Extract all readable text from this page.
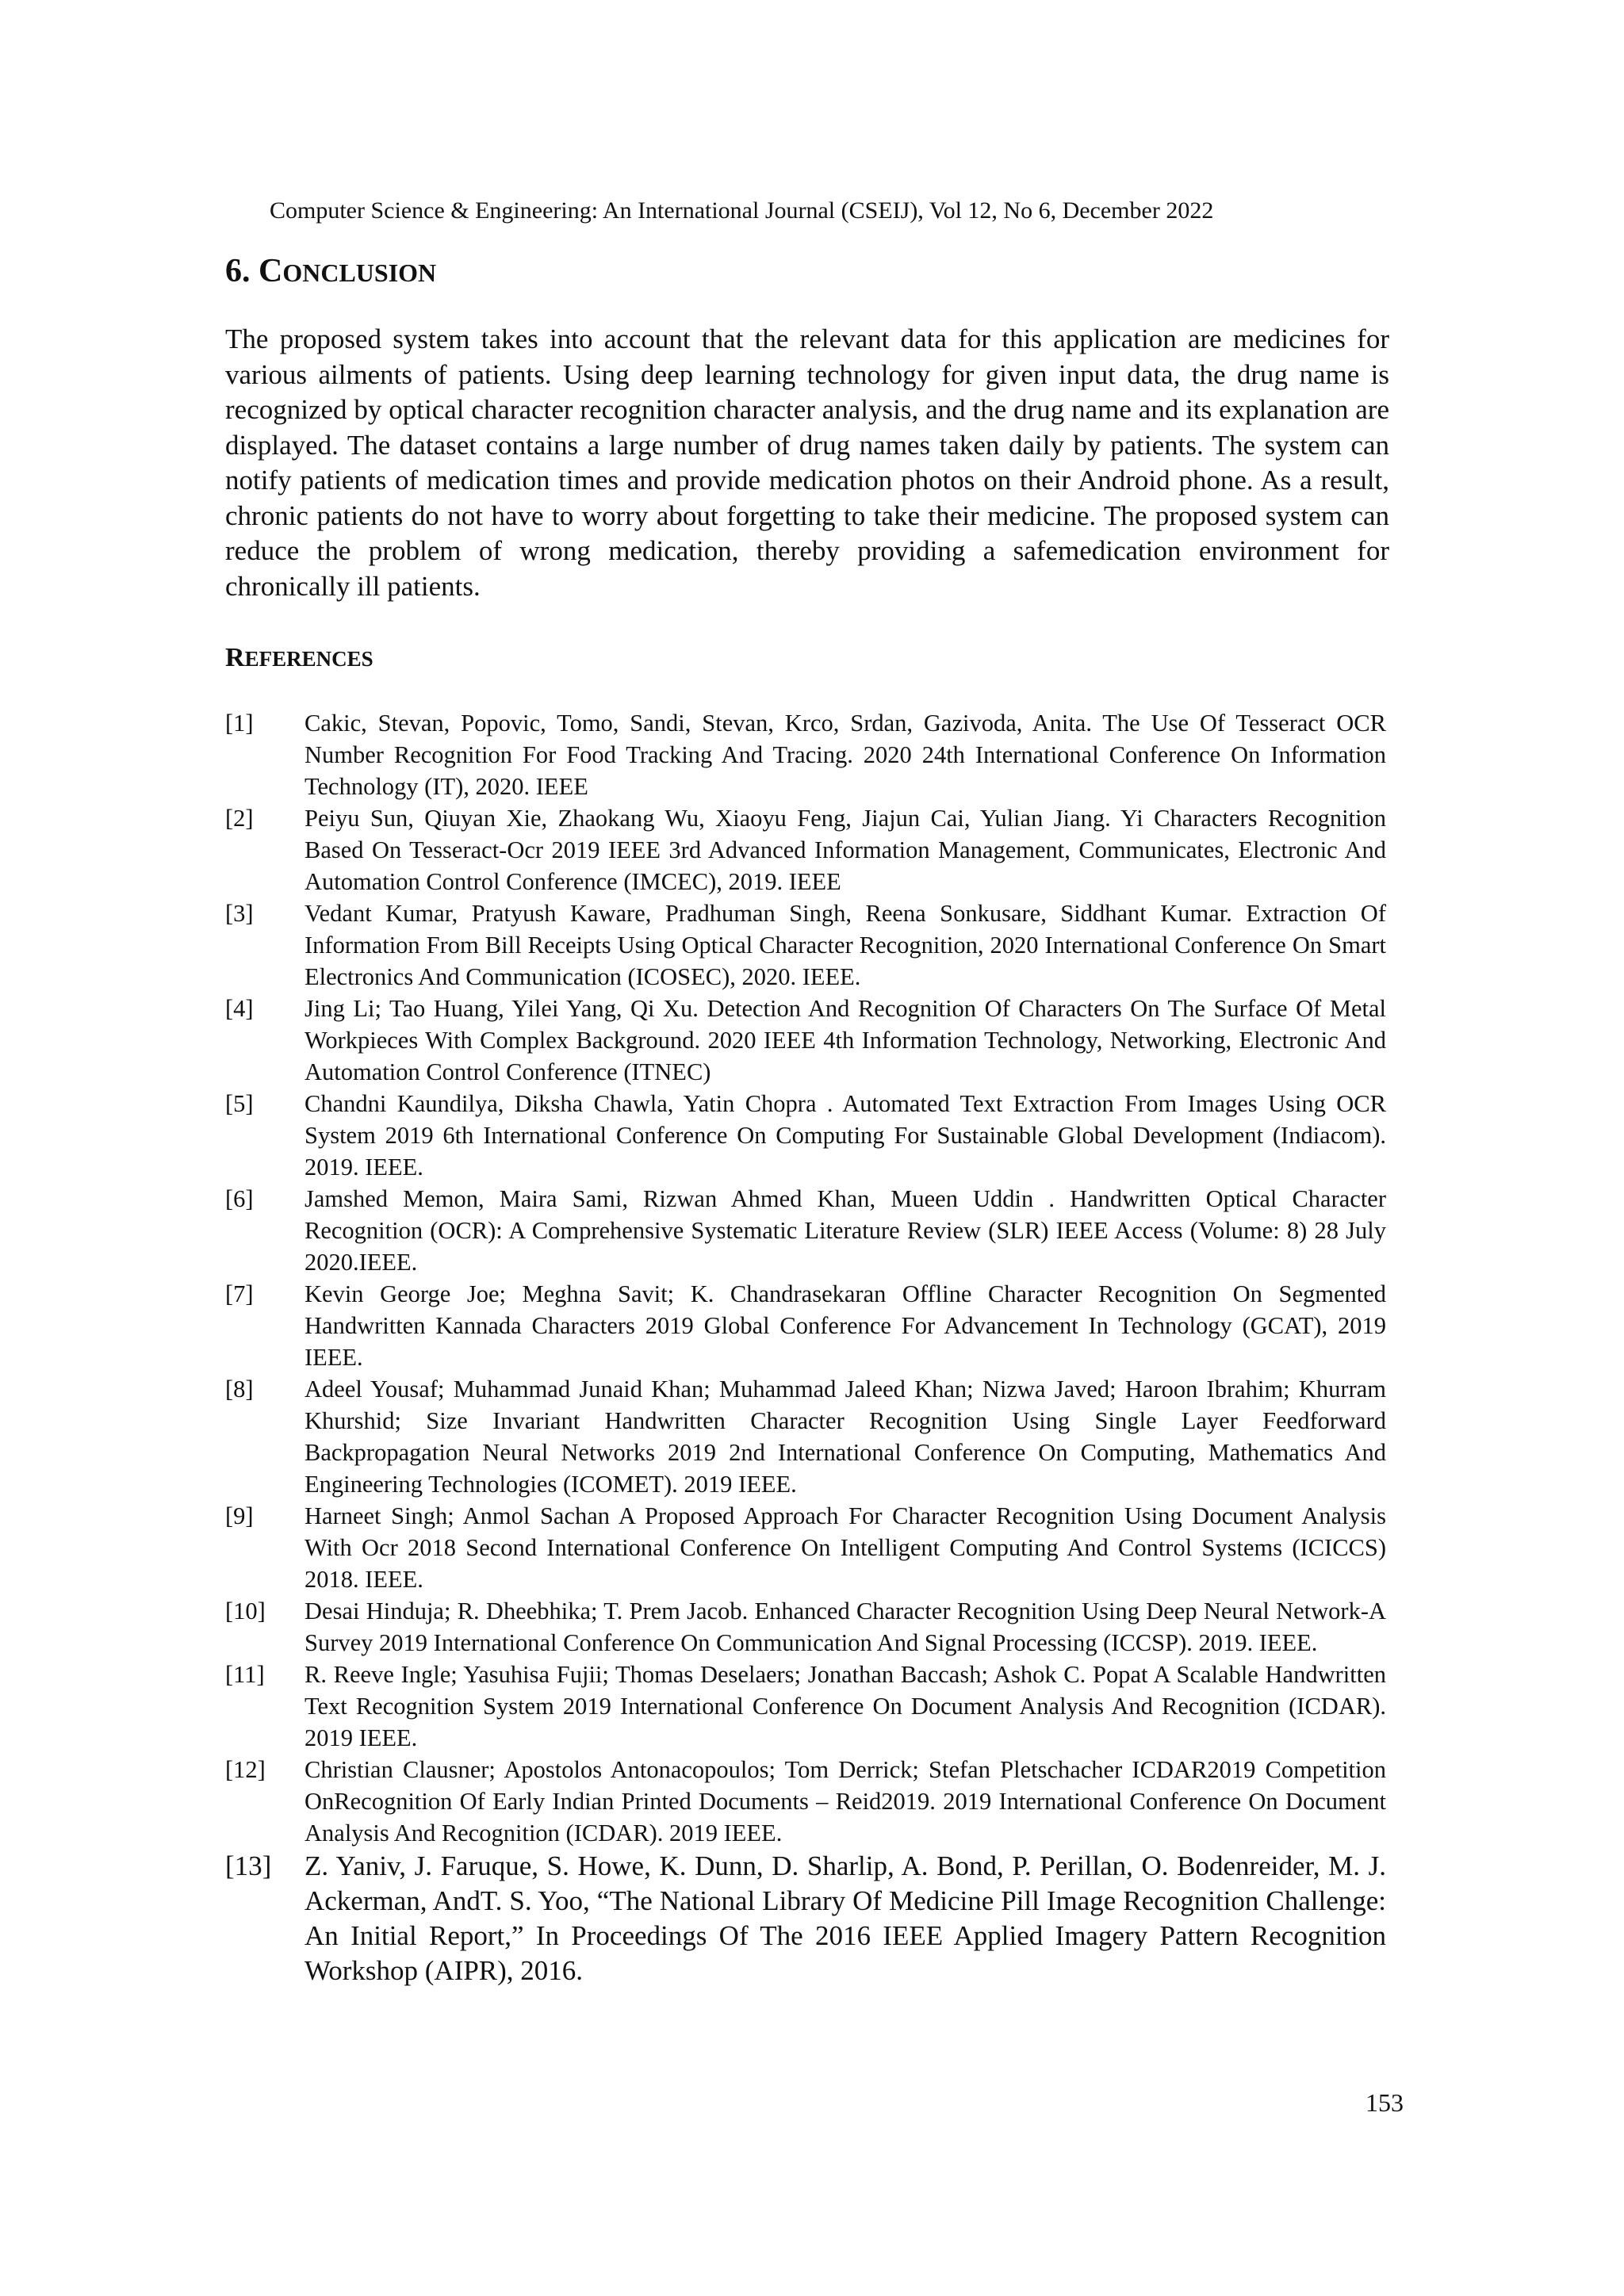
Computer Science & Engineering: An International Journal (CSEIJ), Vol 12, No 6, December 2022
6. CONCLUSION

The proposed system takes into account that the relevant data for this application are medicines for various ailments of patients. Using deep learning technology for given input data, the drug name is recognized by optical character recognition character analysis, and the drug name and its explanation are displayed. The dataset contains a large number of drug names taken daily by patients. The system can notify patients of medication times and provide medication photos on their Android phone. As a result, chronic patients do not have to worry about forgetting to take their medicine. The proposed system can reduce the problem of wrong medication, thereby providing a safemedication environment for chronically ill patients.

REFERENCES
[1] Cakic, Stevan, Popovic, Tomo, Sandi, Stevan, Krco, Srdan, Gazivoda, Anita. The Use Of Tesseract OCR Number Recognition For Food Tracking And Tracing. 2020 24th International Conference On Information Technology (IT), 2020. IEEE
[2] Peiyu Sun, Qiuyan Xie, Zhaokang Wu, Xiaoyu Feng, Jiajun Cai, Yulian Jiang. Yi Characters Recognition Based On Tesseract-Ocr 2019 IEEE 3rd Advanced Information Management, Communicates, Electronic And Automation Control Conference (IMCEC), 2019. IEEE
[3] Vedant Kumar, Pratyush Kaware, Pradhuman Singh, Reena Sonkusare, Siddhant Kumar. Extraction Of Information From Bill Receipts Using Optical Character Recognition, 2020 International Conference On Smart Electronics And Communication (ICOSEC), 2020. IEEE.
[4] Jing Li; Tao Huang, Yilei Yang, Qi Xu. Detection And Recognition Of Characters On The Surface Of Metal Workpieces With Complex Background. 2020 IEEE 4th Information Technology, Networking, Electronic And Automation Control Conference (ITNEC)
[5] Chandni Kaundilya, Diksha Chawla, Yatin Chopra . Automated Text Extraction From Images Using OCR System 2019 6th International Conference On Computing For Sustainable Global Development (Indiacom). 2019. IEEE.
[6] Jamshed Memon, Maira Sami, Rizwan Ahmed Khan, Mueen Uddin . Handwritten Optical Character Recognition (OCR): A Comprehensive Systematic Literature Review (SLR) IEEE Access (Volume: 8) 28 July 2020.IEEE.
[7] Kevin George Joe; Meghna Savit; K. Chandrasekaran Offline Character Recognition On Segmented Handwritten Kannada Characters 2019 Global Conference For Advancement In Technology (GCAT), 2019 IEEE.
[8] Adeel Yousaf; Muhammad Junaid Khan; Muhammad Jaleed Khan; Nizwa Javed; Haroon Ibrahim; Khurram Khurshid; Size Invariant Handwritten Character Recognition Using Single Layer Feedforward Backpropagation Neural Networks 2019 2nd International Conference On Computing, Mathematics And Engineering Technologies (ICOMET). 2019 IEEE.
[9] Harneet Singh; Anmol Sachan A Proposed Approach For Character Recognition Using Document Analysis With Ocr 2018 Second International Conference On Intelligent Computing And Control Systems (ICICCS) 2018. IEEE.
[10] Desai Hinduja; R. Dheebhika; T. Prem Jacob. Enhanced Character Recognition Using Deep Neural Network-A Survey 2019 International Conference On Communication And Signal Processing (ICCSP). 2019. IEEE.
[11] R. Reeve Ingle; Yasuhisa Fujii; Thomas Deselaers; Jonathan Baccash; Ashok C. Popat A Scalable Handwritten Text Recognition System 2019 International Conference On Document Analysis And Recognition (ICDAR). 2019 IEEE.
[12] Christian Clausner; Apostolos Antonacopoulos; Tom Derrick; Stefan Pletschacher ICDAR2019 Competition OnRecognition Of Early Indian Printed Documents – Reid2019. 2019 International Conference On Document Analysis And Recognition (ICDAR). 2019 IEEE.
[13] Z. Yaniv, J. Faruque, S. Howe, K. Dunn, D. Sharlip, A. Bond, P. Perillan, O. Bodenreider, M. J. Ackerman, AndT. S. Yoo, “The National Library Of Medicine Pill Image Recognition Challenge: An Initial Report,” In Proceedings Of The 2016 IEEE Applied Imagery Pattern Recognition Workshop (AIPR), 2016.
153
